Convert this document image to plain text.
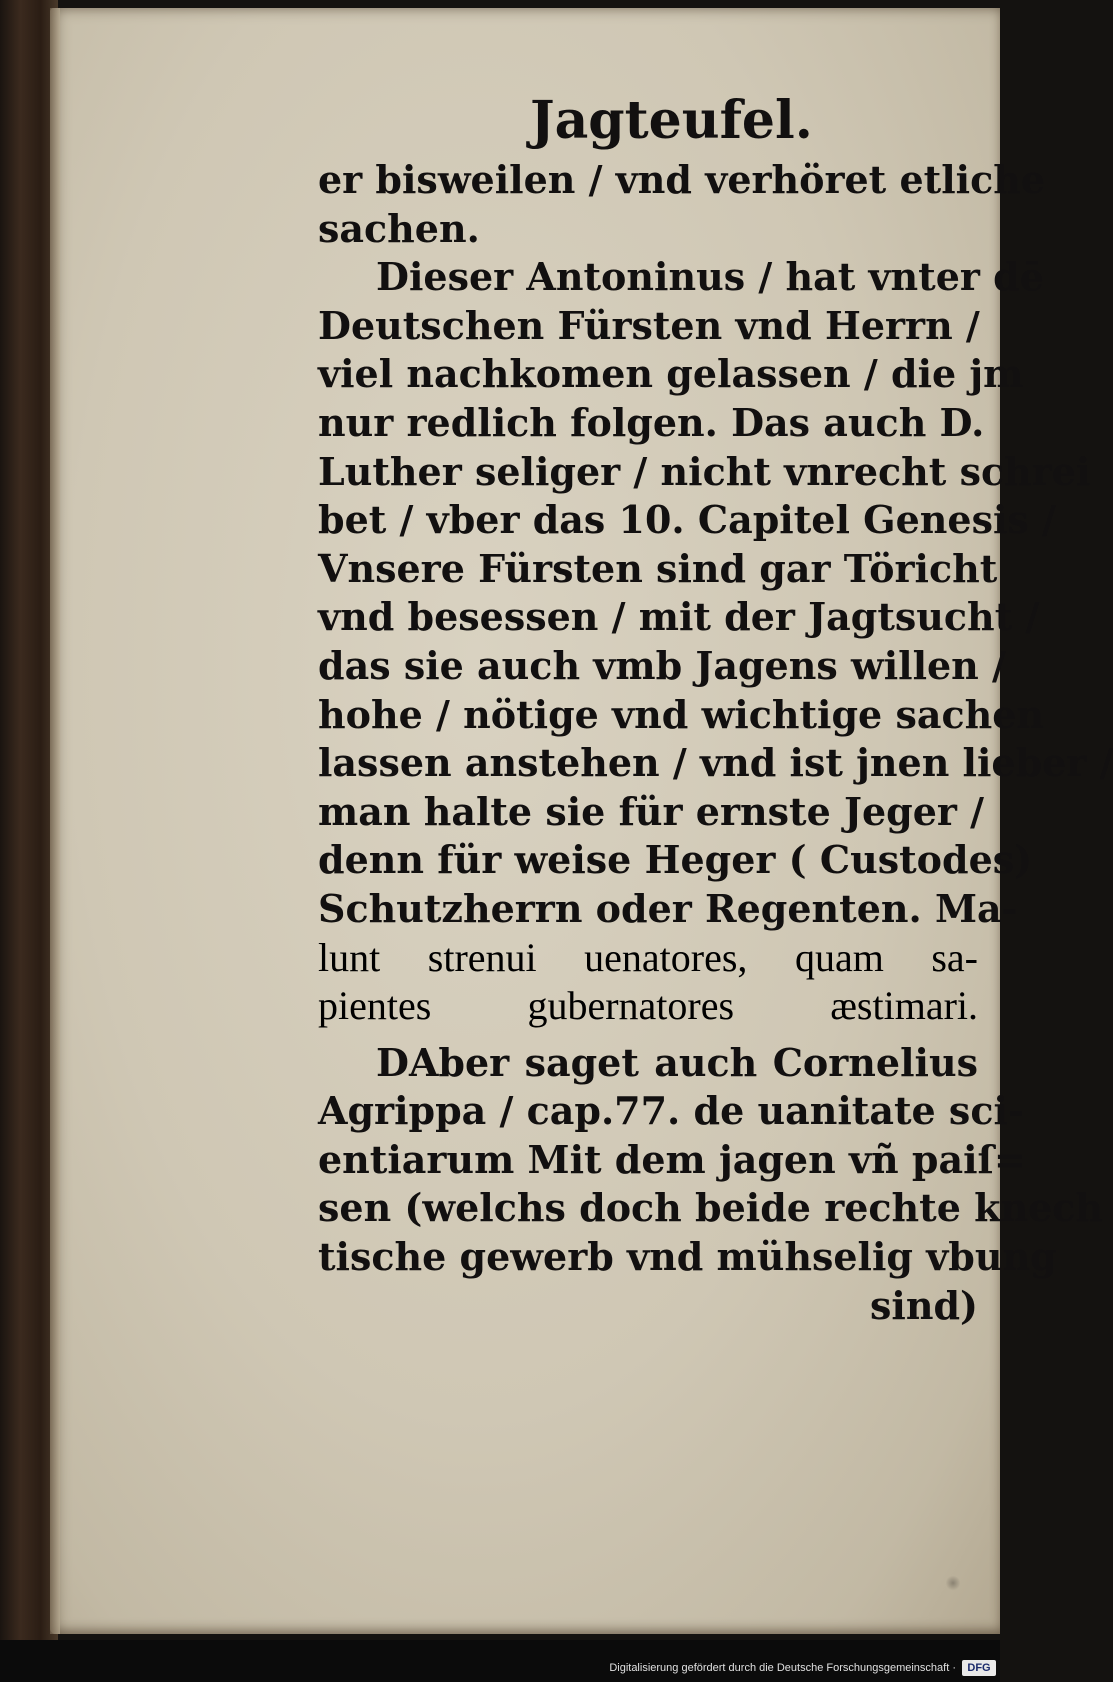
Jagteufel.
er bisweilen / vnd verhöret etliche
sachen.
Dieser Antoninus / hat vnter dē
Deutschen Fürsten vnd Herrn /
viel nachkomen gelassen / die jm
nur redlich folgen. Das auch D.
Luther seliger / nicht vnrecht schrei
bet / vber das 10. Capitel Genesis /
Vnsere Fürsten sind gar Töricht
vnd besessen / mit der Jagtsucht /
das sie auch vmb Jagens willen /
hohe / nötige vnd wichtige sachen
lassen anstehen / vnd ist jnen lieber /
man halte sie für ernste Jeger /
denn für weise Heger ( Custodes)
Schutzherrn oder Regenten. Ma-
lunt strenui uenatores, quam sa-
pientes gubernatores æstimari.
DAber saget auch Cornelius
Agrippa / cap.77. de uanitate sci-
entiarum Mit dem jagen vñ paiſ=
sen (welchs doch beide rechte knech
tische gewerb vnd mühselig vbung
sind)
Digitalisierung gefördert durch die Deutsche Forschungsgemeinschaft ·	DFG
